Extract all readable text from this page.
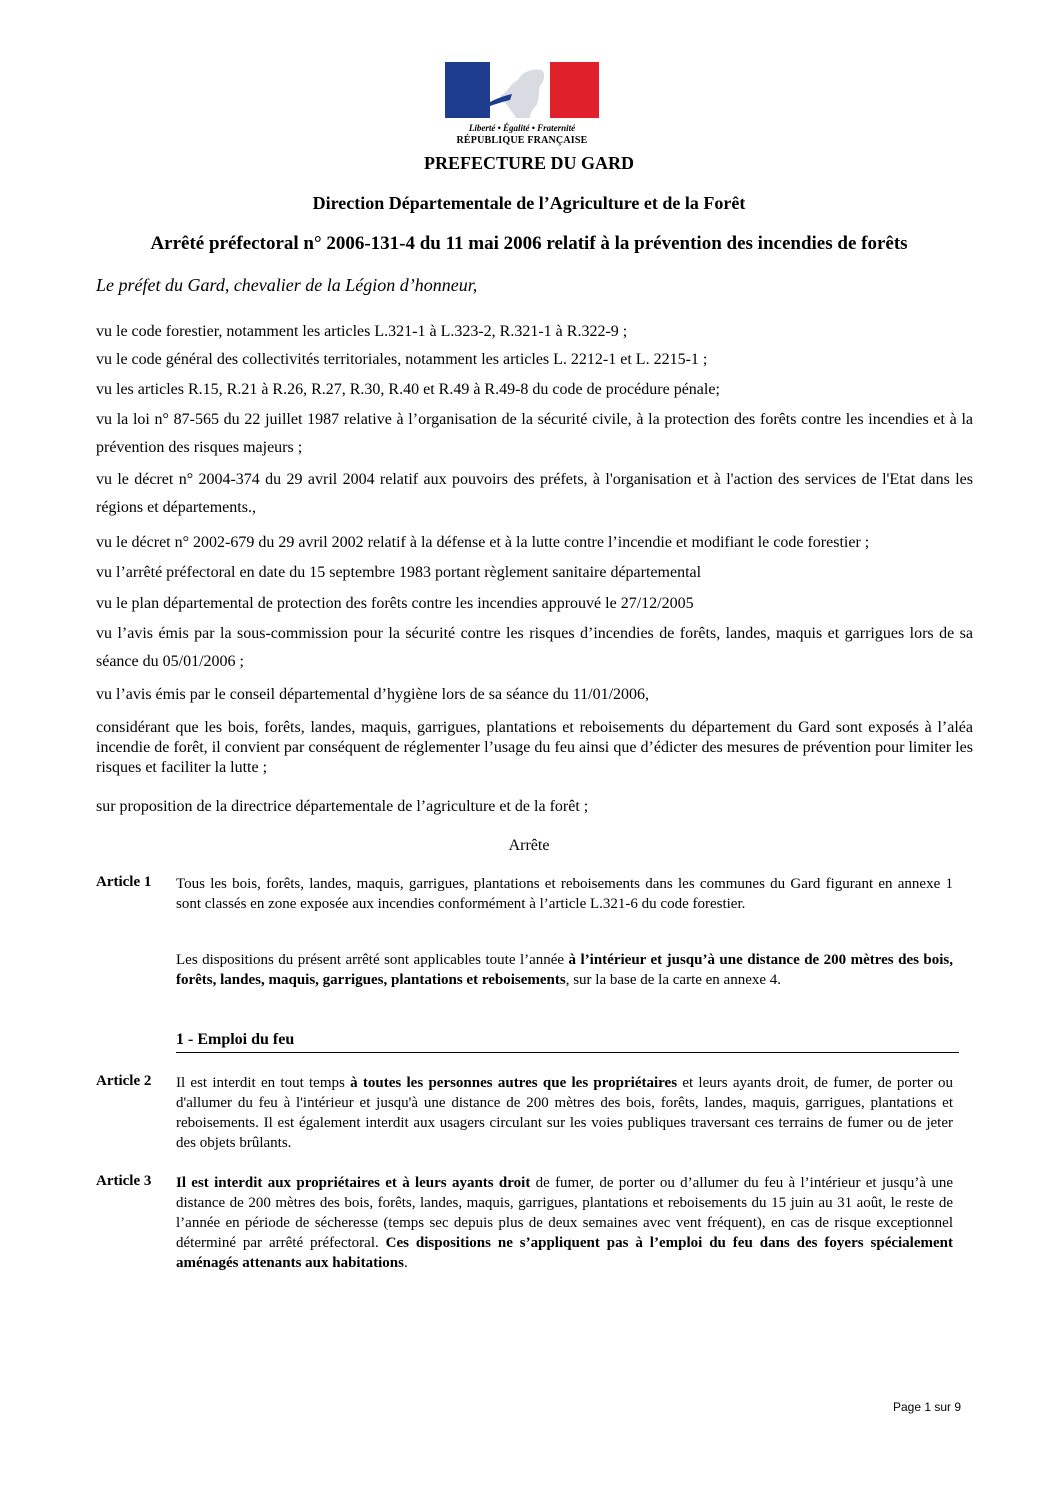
Liberté • Égalité • Fraternité
RÉPUBLIQUE FRANÇAISE
PREFECTURE DU GARD
Direction Départementale de l’Agriculture et de la Forêt
Arrêté préfectoral n° 2006-131-4 du 11 mai 2006 relatif à la prévention des incendies de forêts
Le préfet du Gard, chevalier de la Légion d’honneur,
vu le code forestier, notamment les articles L.321-1 à L.323-2, R.321-1 à R.322-9 ;
vu le code général des collectivités territoriales, notamment les articles L. 2212-1 et L. 2215-1 ;
vu les articles R.15, R.21 à R.26, R.27, R.30, R.40 et R.49 à R.49-8 du code de procédure pénale;
vu la loi n° 87-565 du 22 juillet 1987 relative à l’organisation de la sécurité civile, à la protection des forêts contre les incendies et à la prévention des risques majeurs ;
vu le décret n° 2004-374 du 29 avril 2004 relatif aux pouvoirs des préfets, à l'organisation et à l'action des services de l'Etat dans les régions et départements.,
vu le décret n° 2002-679 du 29 avril 2002 relatif à la défense et à la lutte contre l’incendie et modifiant le code forestier ;
vu l’arrêté préfectoral en date du 15 septembre 1983 portant règlement sanitaire départemental
vu le plan départemental de protection des forêts contre les incendies approuvé le 27/12/2005
vu l’avis émis par la sous-commission pour la sécurité contre les risques d’incendies de forêts, landes, maquis et garrigues lors de sa séance du 05/01/2006 ;
vu l’avis émis par le conseil départemental d’hygiène lors de sa séance du 11/01/2006,
considérant que les bois, forêts, landes, maquis, garrigues, plantations et reboisements du département du Gard sont exposés à l’aléa incendie de forêt, il convient par conséquent de réglementer l’usage du feu ainsi que d’édicter des mesures de prévention pour limiter les risques et faciliter la lutte ;
sur proposition de la directrice départementale de l’agriculture et de la forêt ;
Arrête
Article 1 Tous les bois, forêts, landes, maquis, garrigues, plantations et reboisements dans les communes du Gard figurant en annexe 1 sont classés en zone exposée aux incendies conformément à l’article L.321-6 du code forestier.
Les dispositions du présent arrêté sont applicables toute l’année à l’intérieur et jusqu’à une distance de 200 mètres des bois, forêts, landes, maquis, garrigues, plantations et reboisements, sur la base de la carte en annexe 4.
1 - Emploi du feu
Article 2 Il est interdit en tout temps à toutes les personnes autres que les propriétaires et leurs ayants droit, de fumer, de porter ou d'allumer du feu à l'intérieur et jusqu'à une distance de 200 mètres des bois, forêts, landes, maquis, garrigues, plantations et reboisements. Il est également interdit aux usagers circulant sur les voies publiques traversant ces terrains de fumer ou de jeter des objets brûlants.
Article 3 Il est interdit aux propriétaires et à leurs ayants droit de fumer, de porter ou d’allumer du feu à l’intérieur et jusqu’à une distance de 200 mètres des bois, forêts, landes, maquis, garrigues, plantations et reboisements du 15 juin au 31 août, le reste de l’année en période de sécheresse (temps sec depuis plus de deux semaines avec vent fréquent), en cas de risque exceptionnel déterminé par arrêté préfectoral. Ces dispositions ne s’appliquent pas à l’emploi du feu dans des foyers spécialement aménagés attenants aux habitations.
Page 1 sur 9
